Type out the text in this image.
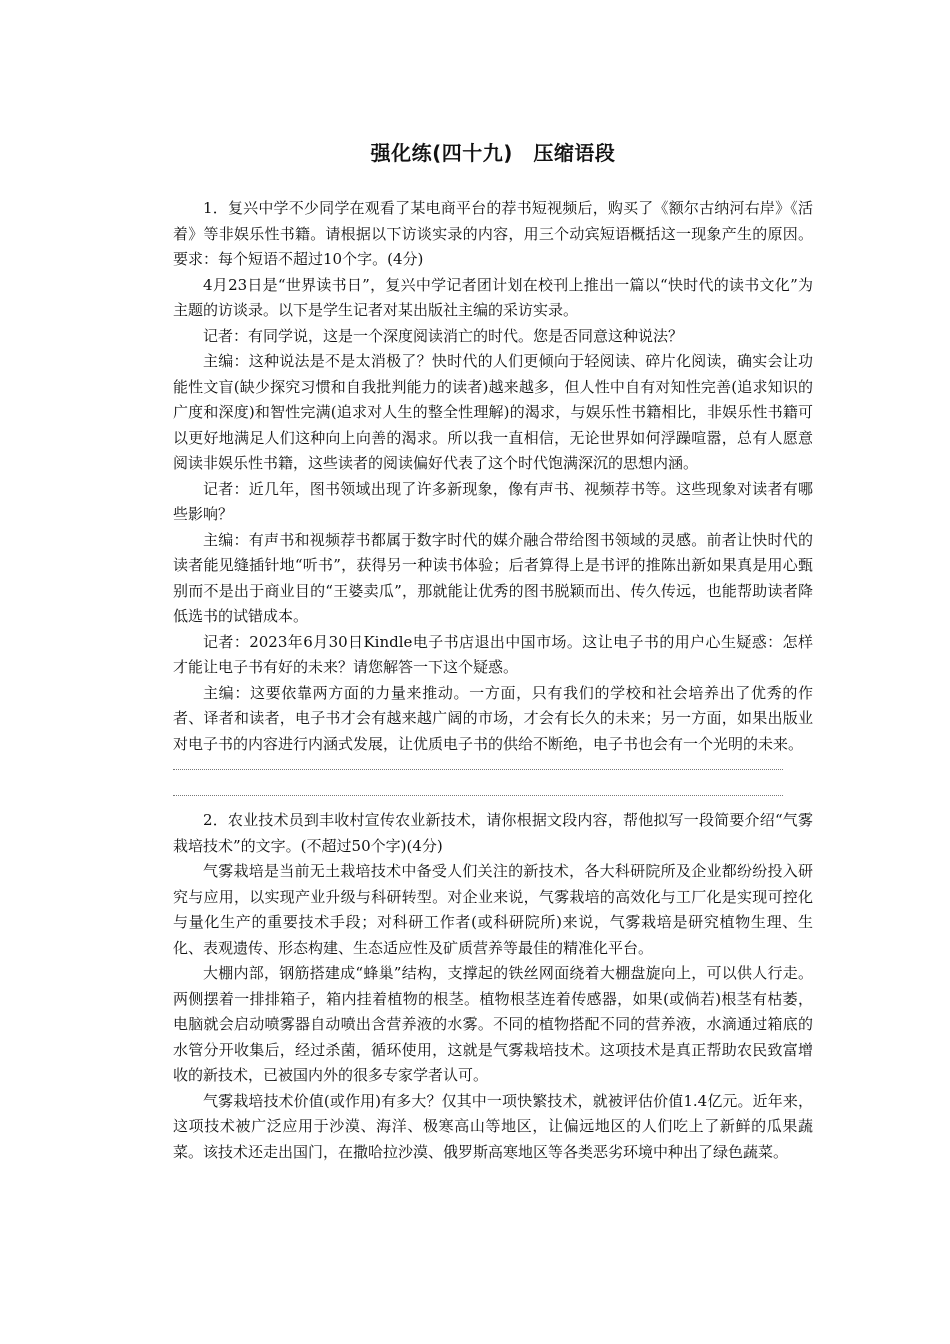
强化练(四十九)　压缩语段

1．复兴中学不少同学在观看了某电商平台的荐书短视频后，购买了《额尔古纳河右岸》《活着》等非娱乐性书籍。请根据以下访谈实录的内容，用三个动宾短语概括这一现象产生的原因。要求：每个短语不超过10个字。(4分)

4月23日是“世界读书日”，复兴中学记者团计划在校刊上推出一篇以“快时代的读书文化”为主题的访谈录。以下是学生记者对某出版社主编的采访实录。

记者：有同学说，这是一个深度阅读消亡的时代。您是否同意这种说法？

主编：这种说法是不是太消极了？快时代的人们更倾向于轻阅读、碎片化阅读，确实会让功能性文盲(缺少探究习惯和自我批判能力的读者)越来越多，但人性中自有对知性完善(追求知识的广度和深度)和智性完满(追求对人生的整全性理解)的渴求，与娱乐性书籍相比，非娱乐性书籍可以更好地满足人们这种向上向善的渴求。所以我一直相信，无论世界如何浮躁喧嚣，总有人愿意阅读非娱乐性书籍，这些读者的阅读偏好代表了这个时代饱满深沉的思想内涵。

记者：近几年，图书领域出现了许多新现象，像有声书、视频荐书等。这些现象对读者有哪些影响？

主编：有声书和视频荐书都属于数字时代的媒介融合带给图书领域的灵感。前者让快时代的读者能见缝插针地“听书”，获得另一种读书体验；后者算得上是书评的推陈出新如果真是用心甄别而不是出于商业目的“王婆卖瓜”，那就能让优秀的图书脱颖而出、传久传远，也能帮助读者降低选书的试错成本。

记者：2023年6月30日Kindle电子书店退出中国市场。这让电子书的用户心生疑惑：怎样才能让电子书有好的未来？请您解答一下这个疑惑。

主编：这要依靠两方面的力量来推动。一方面，只有我们的学校和社会培养出了优秀的作者、译者和读者，电子书才会有越来越广阔的市场，才会有长久的未来；另一方面，如果出版业对电子书的内容进行内涵式发展，让优质电子书的供给不断绝，电子书也会有一个光明的未来。

2．农业技术员到丰收村宣传农业新技术，请你根据文段内容，帮他拟写一段简要介绍“气雾栽培技术”的文字。(不超过50个字)(4分)

气雾栽培是当前无土栽培技术中备受人们关注的新技术，各大科研院所及企业都纷纷投入研究与应用，以实现产业升级与科研转型。对企业来说，气雾栽培的高效化与工厂化是实现可控化与量化生产的重要技术手段；对科研工作者(或科研院所)来说，气雾栽培是研究植物生理、生化、表观遗传、形态构建、生态适应性及矿质营养等最佳的精准化平台。

大棚内部，钢筋搭建成“蜂巢”结构，支撑起的铁丝网面绕着大棚盘旋向上，可以供人行走。两侧摆着一排排箱子，箱内挂着植物的根茎。植物根茎连着传感器，如果(或倘若)根茎有枯萎，电脑就会启动喷雾器自动喷出含营养液的水雾。不同的植物搭配不同的营养液，水滴通过箱底的水管分开收集后，经过杀菌，循环使用，这就是气雾栽培技术。这项技术是真正帮助农民致富增收的新技术，已被国内外的很多专家学者认可。

气雾栽培技术价值(或作用)有多大？仅其中一项快繁技术，就被评估价值1.4亿元。近年来，这项技术被广泛应用于沙漠、海洋、极寒高山等地区，让偏远地区的人们吃上了新鲜的瓜果蔬菜。该技术还走出国门，在撒哈拉沙漠、俄罗斯高寒地区等各类恶劣环境中种出了绿色蔬菜。
